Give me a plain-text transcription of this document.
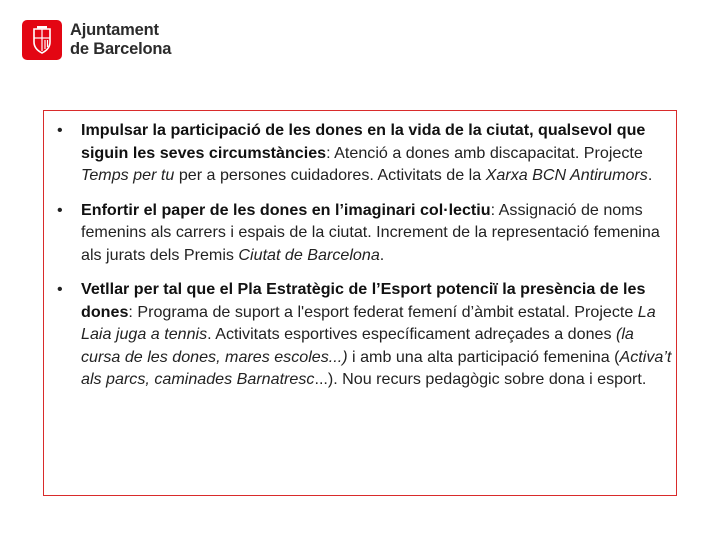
Ajuntament
de Barcelona
• Impulsar la participació de les dones en la vida de la ciutat, qualsevol que siguin les seves circumstàncies: Atenció a dones amb discapacitat. Projecte Temps per tu per a persones cuidadores. Activitats de la Xarxa BCN Antirumors.
• Enfortir el paper de les dones en l’imaginari col·lectiu: Assignació de noms femenins als carrers i espais de la ciutat. Increment de la representació femenina als jurats dels Premis Ciutat de Barcelona.
• Vetllar per tal que el Pla Estratègic de l’Esport potenciï la presència de les dones: Programa de suport a l'esport federat femení d’àmbit estatal. Projecte La Laia juga a tennis. Activitats esportives específicament adreçades a dones (la cursa de les dones, mares escoles...) i amb una alta participació femenina (Activa’t als parcs, caminades Barnatresc...). Nou recurs pedagògic sobre dona i esport.
